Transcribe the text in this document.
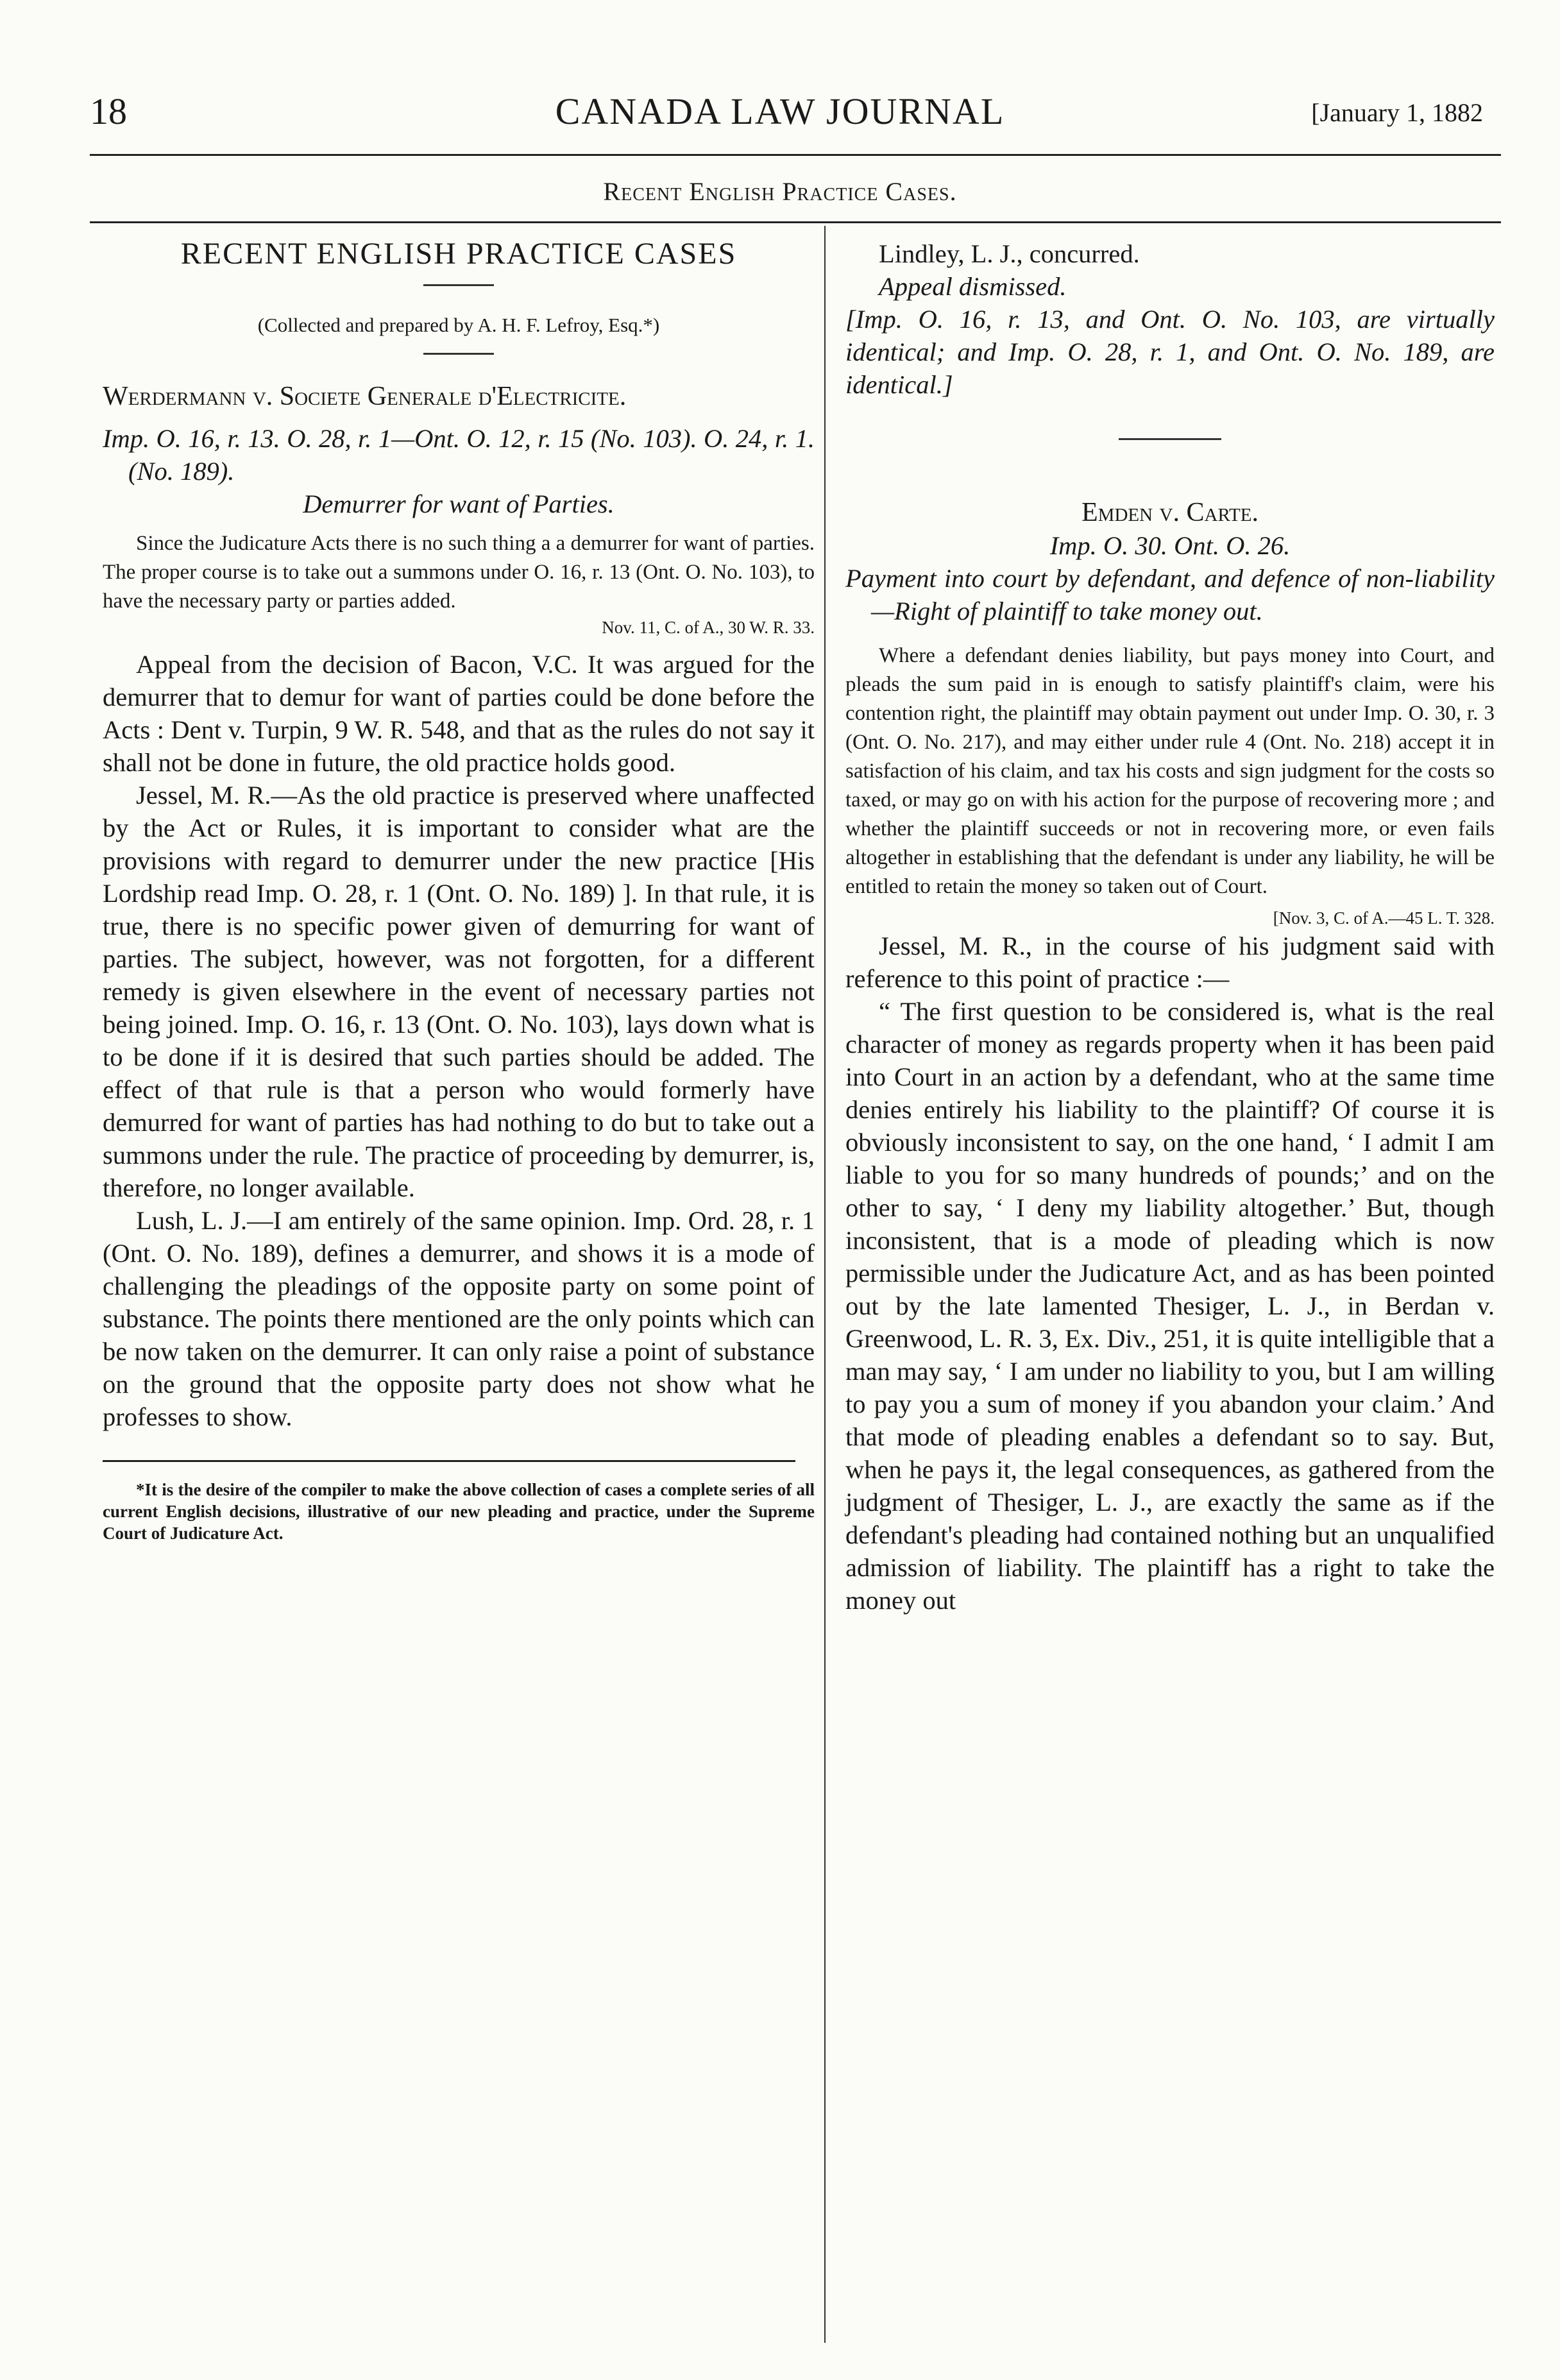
18	CANADA LAW JOURNAL	[January 1, 1882
Recent English Practice Cases.
RECENT ENGLISH PRACTICE CASES

(Collected and prepared by A. H. F. Lefroy, Esq.*)

Werdermann v. Societe Generale d'Electricite.

Imp. O. 16, r. 13. O. 28, r. 1—Ont. O. 12, r. 15 (No. 103). O. 24, r. 1. (No. 189).

Demurrer for want of Parties.

Since the Judicature Acts there is no such thing a a demurrer for want of parties. The proper course is to take out a summons under O. 16, r. 13 (Ont. O. No. 103), to have the necessary party or parties added.

Nov. 11, C. of A., 30 W. R. 33.

Appeal from the decision of Bacon, V.C. It was argued for the demurrer that to demur for want of parties could be done before the Acts : Dent v. Turpin, 9 W. R. 548, and that as the rules do not say it shall not be done in future, the old practice holds good.

Jessel, M. R.—As the old practice is preserved where unaffected by the Act or Rules, it is important to consider what are the provisions with regard to demurrer under the new practice [His Lordship read Imp. O. 28, r. 1 (Ont. O. No. 189) ]. In that rule, it is true, there is no specific power given of demurring for want of parties. The subject, however, was not forgotten, for a different remedy is given elsewhere in the event of necessary parties not being joined. Imp. O. 16, r. 13 (Ont. O. No. 103), lays down what is to be done if it is desired that such parties should be added. The effect of that rule is that a person who would formerly have demurred for want of parties has had nothing to do but to take out a summons under the rule. The practice of proceeding by demurrer, is, therefore, no longer available.

Lush, L. J.—I am entirely of the same opinion. Imp. Ord. 28, r. 1 (Ont. O. No. 189), defines a demurrer, and shows it is a mode of challenging the pleadings of the opposite party on some point of substance. The points there mentioned are the only points which can be now taken on the demurrer. It can only raise a point of substance on the ground that the opposite party does not show what he professes to show.

*It is the desire of the compiler to make the above collection of cases a complete series of all current English decisions, illustrative of our new pleading and practice, under the Supreme Court of Judicature Act.

Lindley, L. J., concurred.

Appeal dismissed.

[Imp. O. 16, r. 13, and Ont. O. No. 103, are virtually identical; and Imp. O. 28, r. 1, and Ont. O. No. 189, are identical.]

Emden v. Carte.

Imp. O. 30. Ont. O. 26.

Payment into court by defendant, and defence of non-liability—Right of plaintiff to take money out.

Where a defendant denies liability, but pays money into Court, and pleads the sum paid in is enough to satisfy plaintiff's claim, were his contention right, the plaintiff may obtain payment out under Imp. O. 30, r. 3 (Ont. O. No. 217), and may either under rule 4 (Ont. No. 218) accept it in satisfaction of his claim, and tax his costs and sign judgment for the costs so taxed, or may go on with his action for the purpose of recovering more ; and whether the plaintiff succeeds or not in recovering more, or even fails altogether in establishing that the defendant is under any liability, he will be entitled to retain the money so taken out of Court.

[Nov. 3, C. of A.—45 L. T. 328.

Jessel, M. R., in the course of his judgment said with reference to this point of practice :—

“ The first question to be considered is, what is the real character of money as regards property when it has been paid into Court in an action by a defendant, who at the same time denies entirely his liability to the plaintiff? Of course it is obviously inconsistent to say, on the one hand, ‘ I admit I am liable to you for so many hundreds of pounds;’ and on the other to say, ‘ I deny my liability altogether.’ But, though inconsistent, that is a mode of pleading which is now permissible under the Judicature Act, and as has been pointed out by the late lamented Thesiger, L. J., in Berdan v. Greenwood, L. R. 3, Ex. Div., 251, it is quite intelligible that a man may say, ‘ I am under no liability to you, but I am willing to pay you a sum of money if you abandon your claim.’ And that mode of pleading enables a defendant so to say. But, when he pays it, the legal consequences, as gathered from the judgment of Thesiger, L. J., are exactly the same as if the defendant's pleading had contained nothing but an unqualified admission of liability. The plaintiff has a right to take the money out
